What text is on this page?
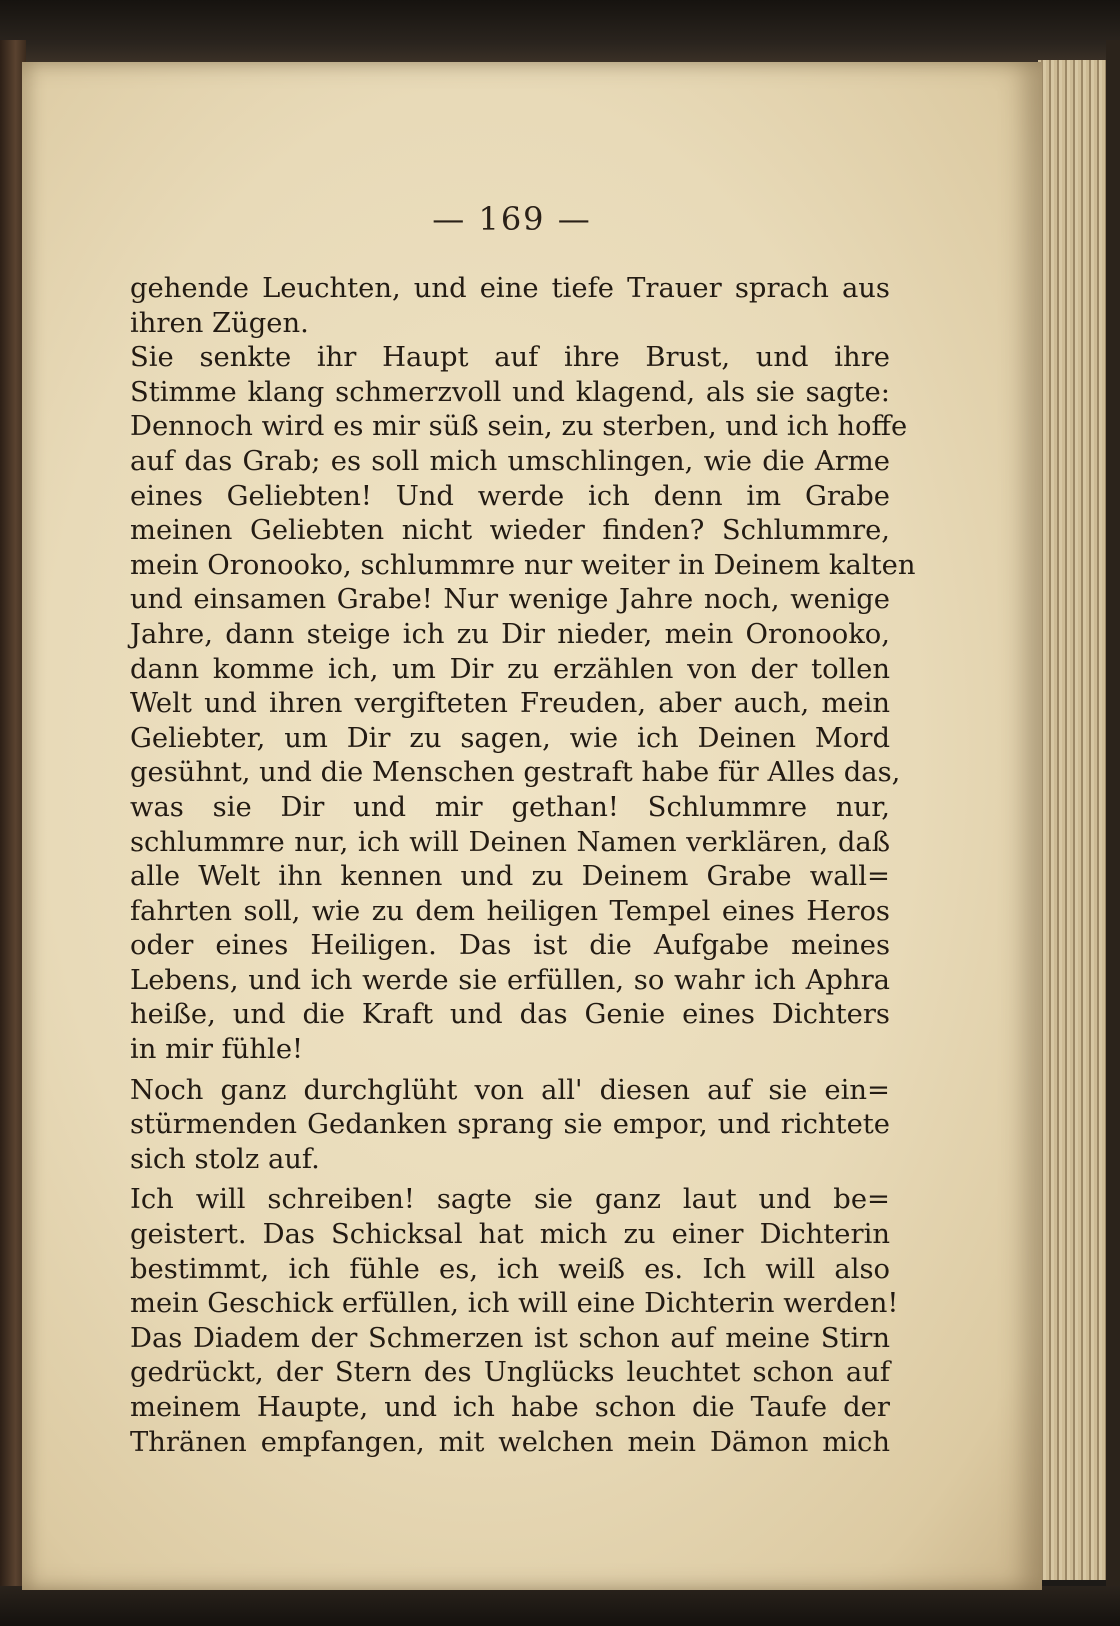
— 169 —
gehende Leuchten, und eine tiefe Trauer sprach aus
ihren Zügen.
Sie senkte ihr Haupt auf ihre Brust, und ihre
Stimme klang schmerzvoll und klagend, als sie sagte:
Dennoch wird es mir süß sein, zu sterben, und ich hoffe
auf das Grab; es soll mich umschlingen, wie die Arme
eines Geliebten! Und werde ich denn im Grabe
meinen Geliebten nicht wieder finden? Schlummre,
mein Oronooko, schlummre nur weiter in Deinem kalten
und einsamen Grabe! Nur wenige Jahre noch, wenige
Jahre, dann steige ich zu Dir nieder, mein Oronooko,
dann komme ich, um Dir zu erzählen von der tollen
Welt und ihren vergifteten Freuden, aber auch, mein
Geliebter, um Dir zu sagen, wie ich Deinen Mord
gesühnt, und die Menschen gestraft habe für Alles das,
was sie Dir und mir gethan! Schlummre nur,
schlummre nur, ich will Deinen Namen verklären, daß
alle Welt ihn kennen und zu Deinem Grabe wall=
fahrten soll, wie zu dem heiligen Tempel eines Heros
oder eines Heiligen. Das ist die Aufgabe meines
Lebens, und ich werde sie erfüllen, so wahr ich Aphra
heiße, und die Kraft und das Genie eines Dichters
in mir fühle!
Noch ganz durchglüht von all' diesen auf sie ein=
stürmenden Gedanken sprang sie empor, und richtete
sich stolz auf.
Ich will schreiben! sagte sie ganz laut und be=
geistert. Das Schicksal hat mich zu einer Dichterin
bestimmt, ich fühle es, ich weiß es. Ich will also
mein Geschick erfüllen, ich will eine Dichterin werden!
Das Diadem der Schmerzen ist schon auf meine Stirn
gedrückt, der Stern des Unglücks leuchtet schon auf
meinem Haupte, und ich habe schon die Taufe der
Thränen empfangen, mit welchen mein Dämon mich
